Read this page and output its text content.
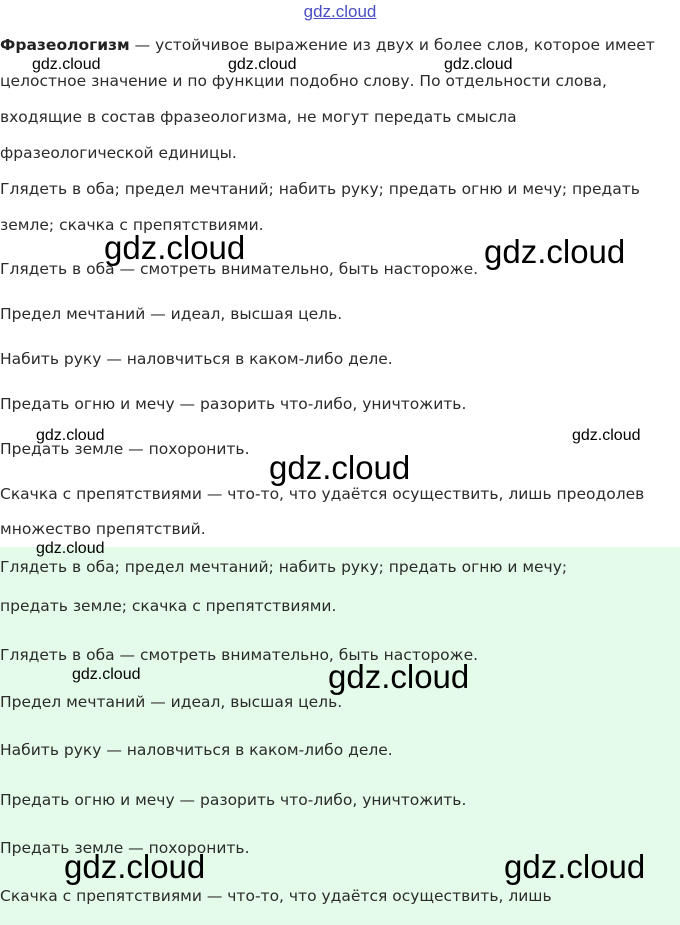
gdz.cloud
Фразеологизм — устойчивое выражение из двух и более слов, которое имеет
целостное значение и по функции подобно слову. По отдельности слова,
входящие в состав фразеологизма, не могут передать смысла
фразеологической единицы.
Глядеть в оба; предел мечтаний; набить руку; предать огню и мечу; предать
земле; скачка с препятствиями.
Глядеть в оба — смотреть внимательно, быть настороже.
Предел мечтаний — идеал, высшая цель.
Набить руку — наловчиться в каком-либо деле.
Предать огню и мечу — разорить что-либо, уничтожить.
Предать земле — похоронить.
Скачка с препятствиями — что-то, что удаётся осуществить, лишь преодолев
множество препятствий.
Глядеть в оба; предел мечтаний; набить руку; предать огню и мечу;
предать земле; скачка с препятствиями.
Глядеть в оба — смотреть внимательно, быть настороже.
Предел мечтаний — идеал, высшая цель.
Набить руку — наловчиться в каком-либо деле.
Предать огню и мечу — разорить что-либо, уничтожить.
Предать земле — похоронить.
Скачка с препятствиями — что-то, что удаётся осуществить, лишь
gdz.cloud	gdz.cloud	gdz.cloud
gdz.cloud	gdz.cloud
gdz.cloud	gdz.cloud
gdz.cloud
gdz.cloud
gdz.cloud	gdz.cloud
gdz.cloud	gdz.cloud
